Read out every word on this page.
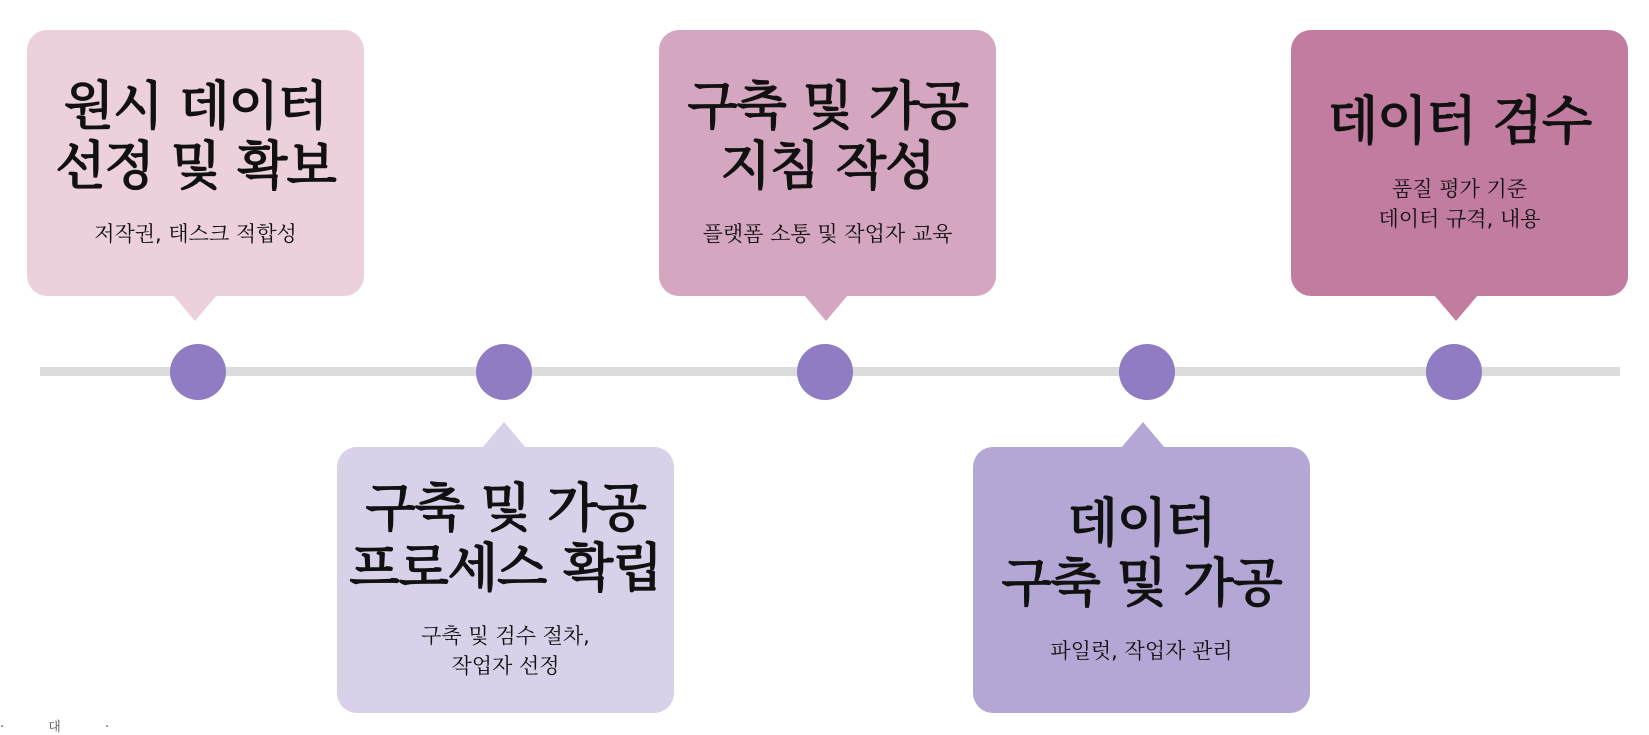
원시 데이터
선정 및 확보
저작권, 태스크 적합성
구축 및 가공
프로세스 확립
구축 및 검수 절차,
작업자 선정
구축 및 가공
지침 작성
플랫폼 소통 및 작업자 교육
데이터
구축 및 가공
파일럿, 작업자 관리
데이터 검수
품질 평가 기준
데이터 규격, 내용
· 대 ·
